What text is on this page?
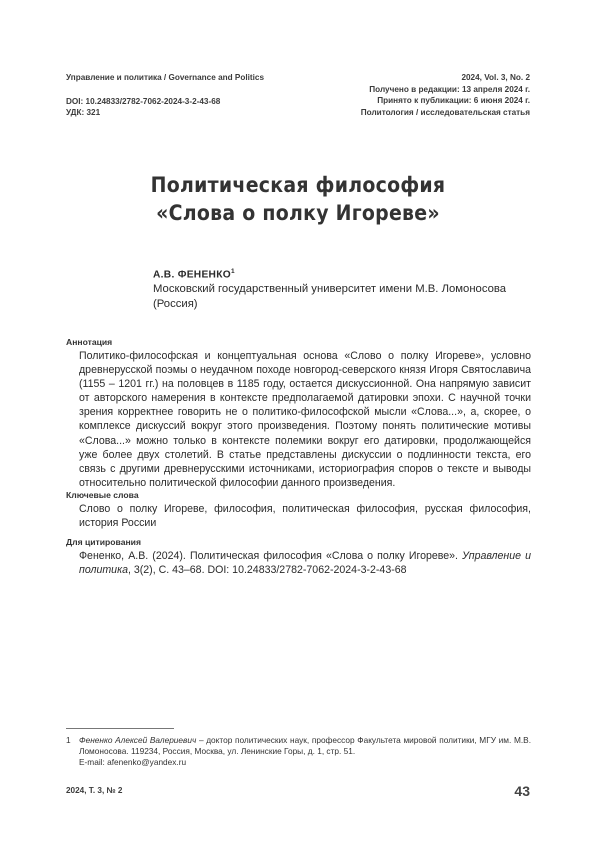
Управление и политика / Governance and Politics
DOI: 10.24833/2782-7062-2024-3-2-43-68
УДК: 321
2024, Vol. 3, No. 2
Получено в редакции: 13 апреля 2024 г.
Принято к публикации: 6 июня 2024 г.
Политология / исследовательская статья
Политическая философия
«Слова о полку Игореве»
А.В. ФЕНЕНКО$^1$
Московский государственный университет имени М.В. Ломоносова (Россия)
Аннотация
Политико-философская и концептуальная основа «Слово о полку Игореве», условно древнерусской поэмы о неудачном походе новгород-северского князя Игоря Святославича (1155 – 1201 гг.) на половцев в 1185 году, остается дискуссионной. Она напрямую зависит от авторского намерения в контексте предполагаемой датировки эпохи. С научной точки зрения корректнее говорить не о политико-философской мысли «Слова...», а, скорее, о комплексе дискуссий вокруг этого произведения. Поэтому понять политические мотивы «Слова...» можно только в контексте полемики вокруг его датировки, продолжающейся уже более двух столетий. В статье представлены дискуссии о подлинности текста, его связь с другими древнерусскими источниками, историография споров о тексте и выводы относительно политической философии данного произведения.
Ключевые слова
Слово о полку Игореве, философия, политическая философия, русская философия, история России
Для цитирования
Фененко, А.В. (2024). Политическая философия «Слова о полку Игореве». Управление и политика, 3(2), С. 43–68. DOI: 10.24833/2782-7062-2024-3-2-43-68
1 Фененко Алексей Валериевич – доктор политических наук, профессор Факультета мировой политики, МГУ им. М.В. Ломоносова. 119234, Россия, Москва, ул. Ленинские Горы, д. 1, стр. 51.
E-mail: afenenko@yandex.ru
2024, Т. 3, № 2	43
